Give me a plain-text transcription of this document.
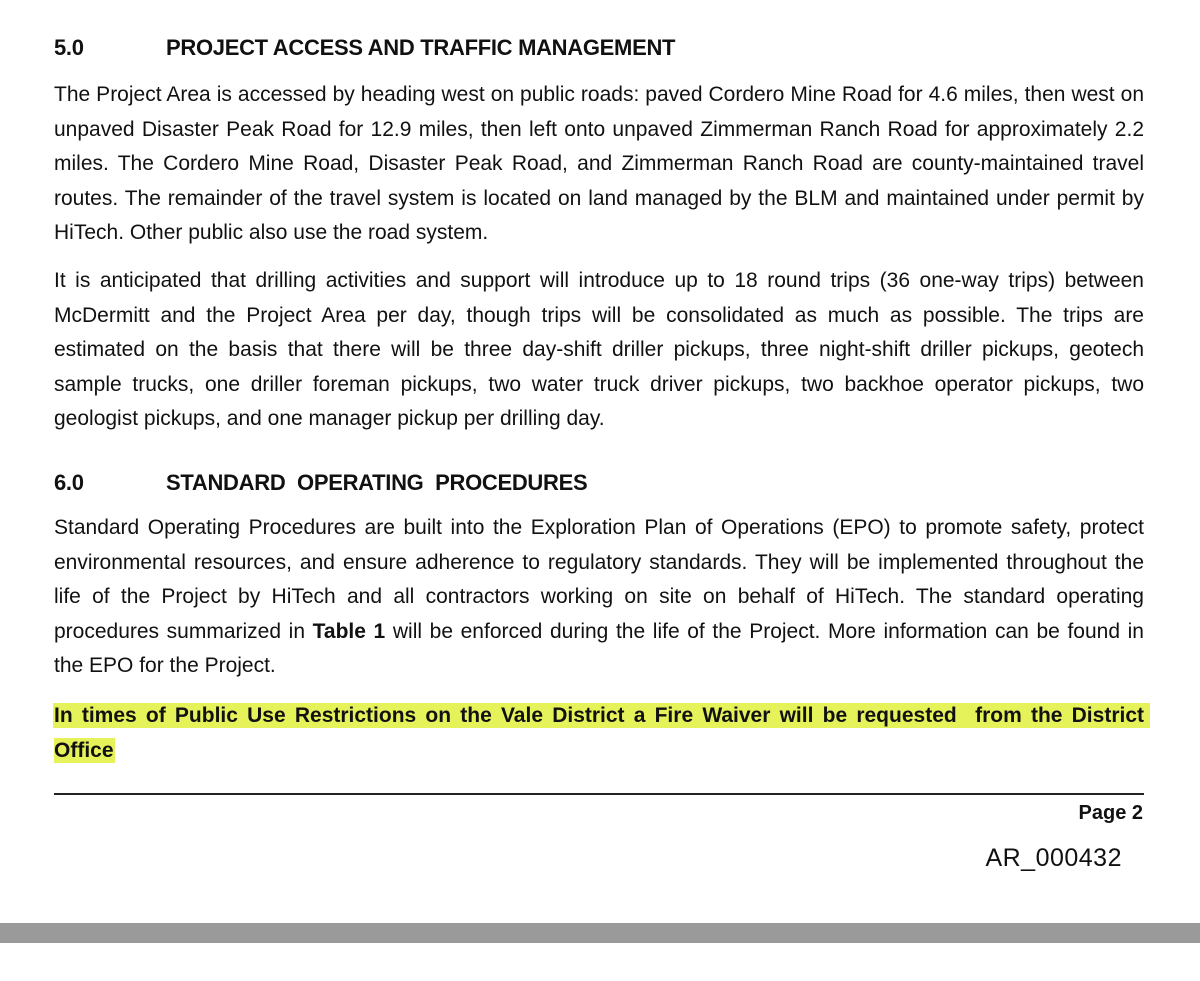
5.0	PROJECT ACCESS AND TRAFFIC MANAGEMENT

The Project Area is accessed by heading west on public roads: paved Cordero Mine Road for 4.6 miles, then west on unpaved Disaster Peak Road for 12.9 miles, then left onto unpaved Zimmerman Ranch Road for approximately 2.2 miles. The Cordero Mine Road, Disaster Peak Road, and Zimmerman Ranch Road are county-maintained travel routes. The remainder of the travel system is located on land managed by the BLM and maintained under permit by HiTech. Other public also use the road system.

It is anticipated that drilling activities and support will introduce up to 18 round trips (36 one-way trips) between McDermitt and the Project Area per day, though trips will be consolidated as much as possible. The trips are estimated on the basis that there will be three day-shift driller pickups, three night-shift driller pickups, geotech sample trucks, one driller foreman pickups, two water truck driver pickups, two backhoe operator pickups, two geologist pickups, and one manager pickup per drilling day.

6.0	STANDARD  OPERATING  PROCEDURES

Standard Operating Procedures are built into the Exploration Plan of Operations (EPO) to promote safety, protect environmental resources, and ensure adherence to regulatory standards. They will be implemented throughout the life of the Project by HiTech and all contractors working on site on behalf of HiTech. The standard operating procedures summarized in Table 1 will be enforced during the life of the Project. More information can be found in the EPO for the Project.

In times of Public Use Restrictions on the Vale District a Fire Waiver will be requested  from the District Office

Page 2
AR_000432
